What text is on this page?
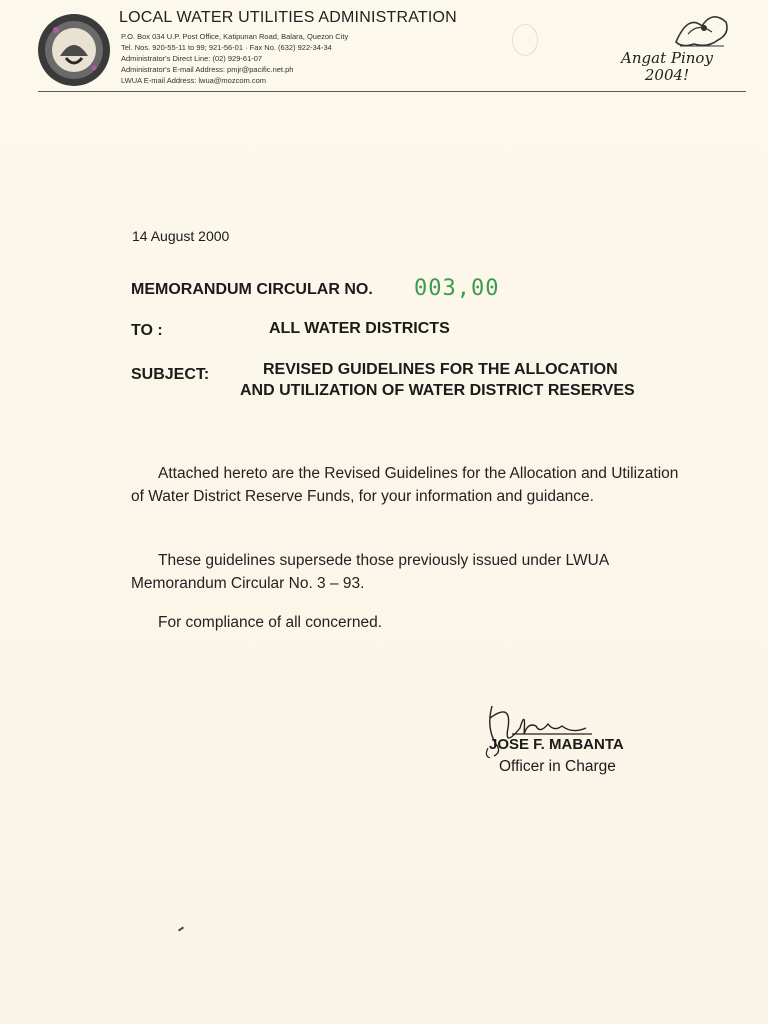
LOCAL WATER UTILITIES ADMINISTRATION
P.O. Box 034 U.P. Post Office, Katipunan Road, Balara, Quezon City
Tel. Nos. 920-55-11 to 99; 921-56-01 · Fax No. (632) 922-34-34
Administrator's Direct Line: (02) 929-61-07
Administrator's E-mail Address: pmjr@pacific.net.ph
LWUA E-mail Address: lwua@mozcom.com
Angat Pinoy
2004!
14 August 2000
MEMORANDUM CIRCULAR NO. 003,00
TO :	ALL WATER DISTRICTS
SUBJECT:	REVISED GUIDELINES FOR THE ALLOCATION
AND UTILIZATION OF WATER DISTRICT RESERVES
Attached hereto are the Revised Guidelines for the Allocation and Utilization of Water District Reserve Funds, for your information and guidance.
These guidelines supersede those previously issued under LWUA Memorandum Circular No. 3 – 93.
For compliance of all concerned.
JOSE F. MABANTA
Officer in Charge
